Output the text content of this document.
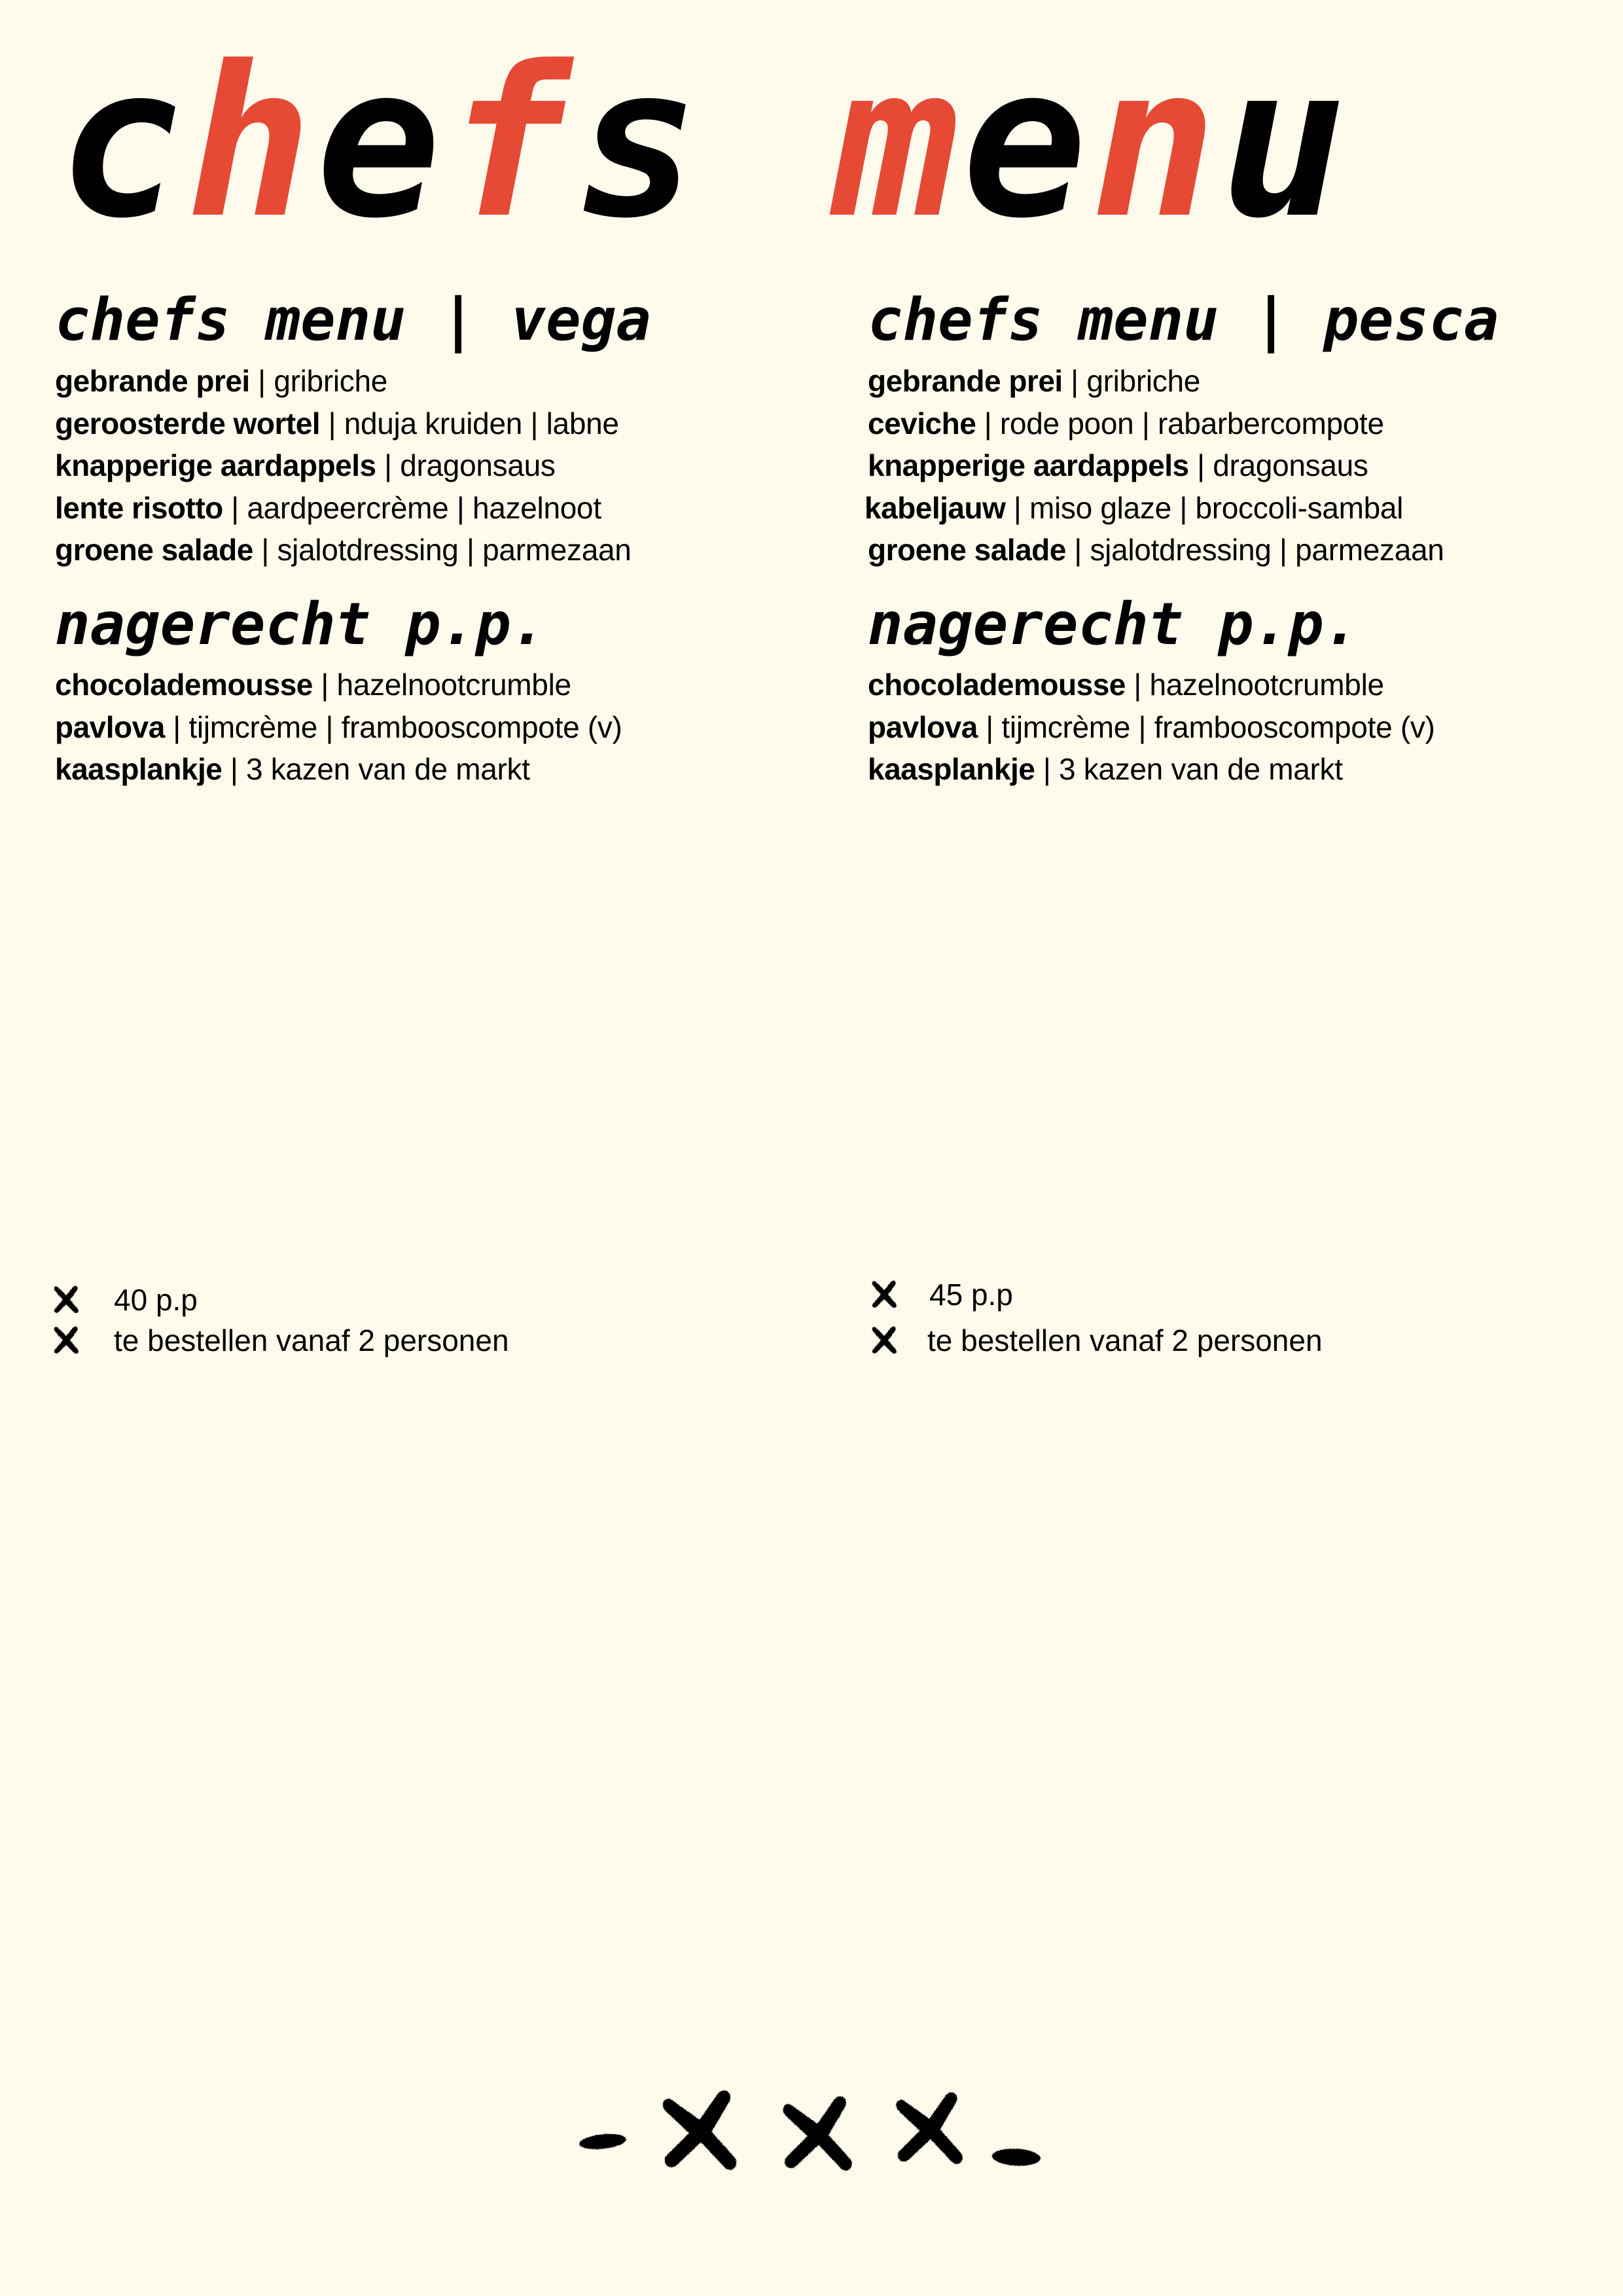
chefs menu
chefs menu | vega
gebrande prei | gribriche
geroosterde wortel | nduja kruiden | labne
knapperige aardappels | dragonsaus
lente risotto | aardpeercrème | hazelnoot
groene salade | sjalotdressing | parmezaan
nagerecht p.p.
chocolademousse | hazelnootcrumble
pavlova | tijmcrème | frambooscompote (v)
kaasplankje | 3 kazen van de markt
chefs menu | pesca
gebrande prei | gribriche
ceviche | rode poon | rabarbercompote
knapperige aardappels | dragonsaus
kabeljauw | miso glaze | broccoli-sambal
groene salade | sjalotdressing | parmezaan
nagerecht p.p.
chocolademousse | hazelnootcrumble
pavlova | tijmcrème | frambooscompote (v)
kaasplankje | 3 kazen van de markt

40 p.p

te bestellen vanaf 2 personen

45 p.p

te bestellen vanaf 2 personen
